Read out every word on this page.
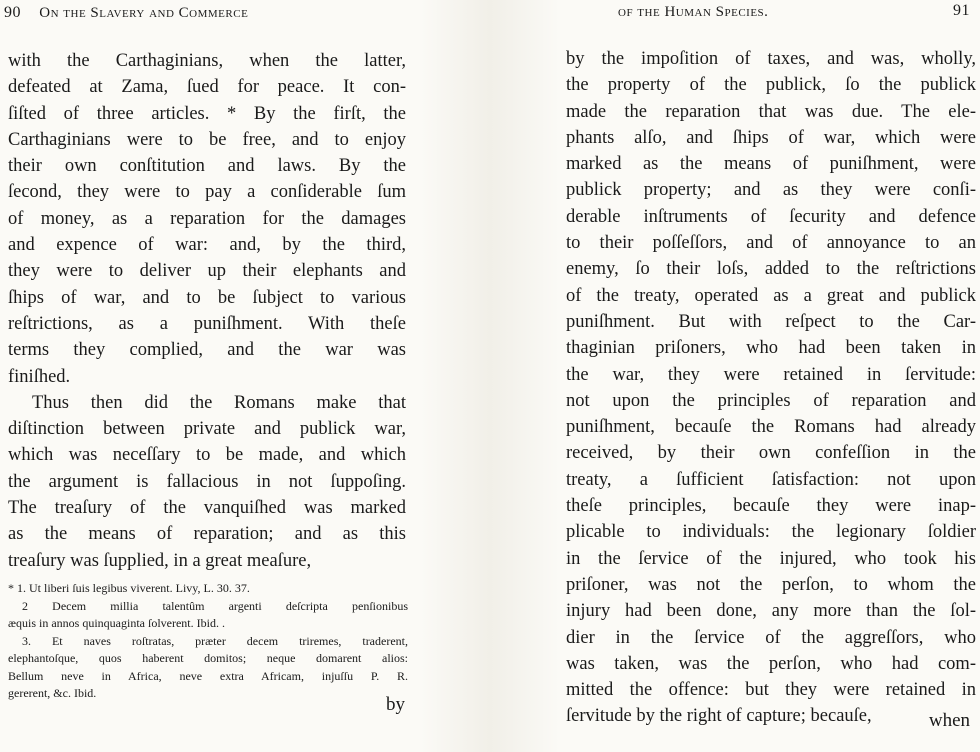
90 On the Slavery and Commerce
with the Carthaginians, when the latter,
defeated at Zama, ſued for peace. It con-
ſiſted of three articles. * By the firſt, the
Carthaginians were to be free, and to enjoy
their own conſtitution and laws. By the
ſecond, they were to pay a conſiderable ſum
of money, as a reparation for the damages
and expence of war: and, by the third,
they were to deliver up their elephants and
ſhips of war, and to be ſubject to various
reſtrictions, as a puniſhment. With theſe
terms they complied, and the war was
finiſhed.
Thus then did the Romans make that
diſtinction between private and publick war,
which was neceſſary to be made, and which
the argument is fallacious in not ſuppoſing.
The treaſury of the vanquiſhed was marked
as the means of reparation; and as this
treaſury was ſupplied, in a great meaſure,
* 1. Ut liberi ſuis legibus viverent. Livy, L. 30. 37.
2 Decem millia talentûm argenti deſcripta penſionibus
æquis in annos quinquaginta ſolverent. Ibid. .
3. Et naves roſtratas, præter decem triremes, traderent,
elephantoſque, quos haberent domitos; neque domarent alios:
Bellum neve in Africa, neve extra Africam, injuſſu P. R.
gererent, &c. Ibid.
by
of the Human Species.	91
by the impoſition of taxes, and was, wholly,
the property of the publick, ſo the publick
made the reparation that was due. The ele-
phants alſo, and ſhips of war, which were
marked as the means of puniſhment, were
publick property; and as they were conſi-
derable inſtruments of ſecurity and defence
to their poſſeſſors, and of annoyance to an
enemy, ſo their loſs, added to the reſtrictions
of the treaty, operated as a great and publick
puniſhment. But with reſpect to the Car-
thaginian priſoners, who had been taken in
the war, they were retained in ſervitude:
not upon the principles of reparation and
puniſhment, becauſe the Romans had already
received, by their own confeſſion in the
treaty, a ſufficient ſatisfaction: not upon
theſe principles, becauſe they were inap-
plicable to individuals: the legionary ſoldier
in the ſervice of the injured, who took his
priſoner, was not the perſon, to whom the
injury had been done, any more than the ſol-
dier in the ſervice of the aggreſſors, who
was taken, was the perſon, who had com-
mitted the offence: but they were retained in
ſervitude by the right of capture; becauſe,	when
